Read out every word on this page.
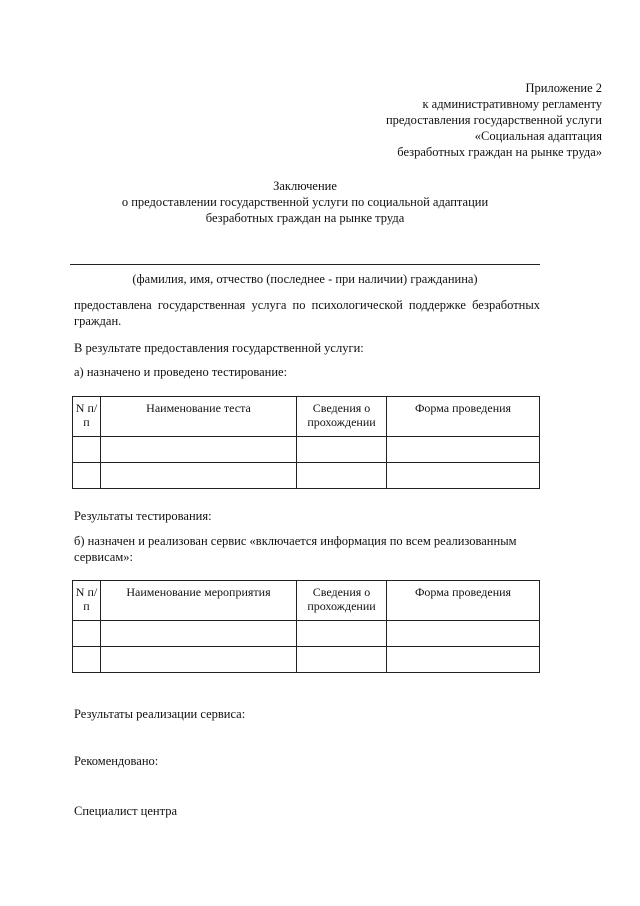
Приложение 2
к административному регламенту
предоставления государственной услуги
«Социальная адаптация
безработных граждан на рынке труда»
Заключение
о предоставлении государственной услуги по социальной адаптации
безработных граждан на рынке труда
(фамилия, имя, отчество (последнее - при наличии) гражданина)
предоставлена государственная услуга по психологической поддержке безработных граждан.
В результате предоставления государственной услуги:
а) назначено и проведено тестирование:
N п/п	Наименование теста	Сведения о прохождении	Форма проведения

Результаты тестирования:
б) назначен и реализован сервис «включается информация по всем реализованным сервисам»:
N п/п	Наименование мероприятия	Сведения о прохождении	Форма проведения

Результаты реализации сервиса:
Рекомендовано:
Специалист центра
